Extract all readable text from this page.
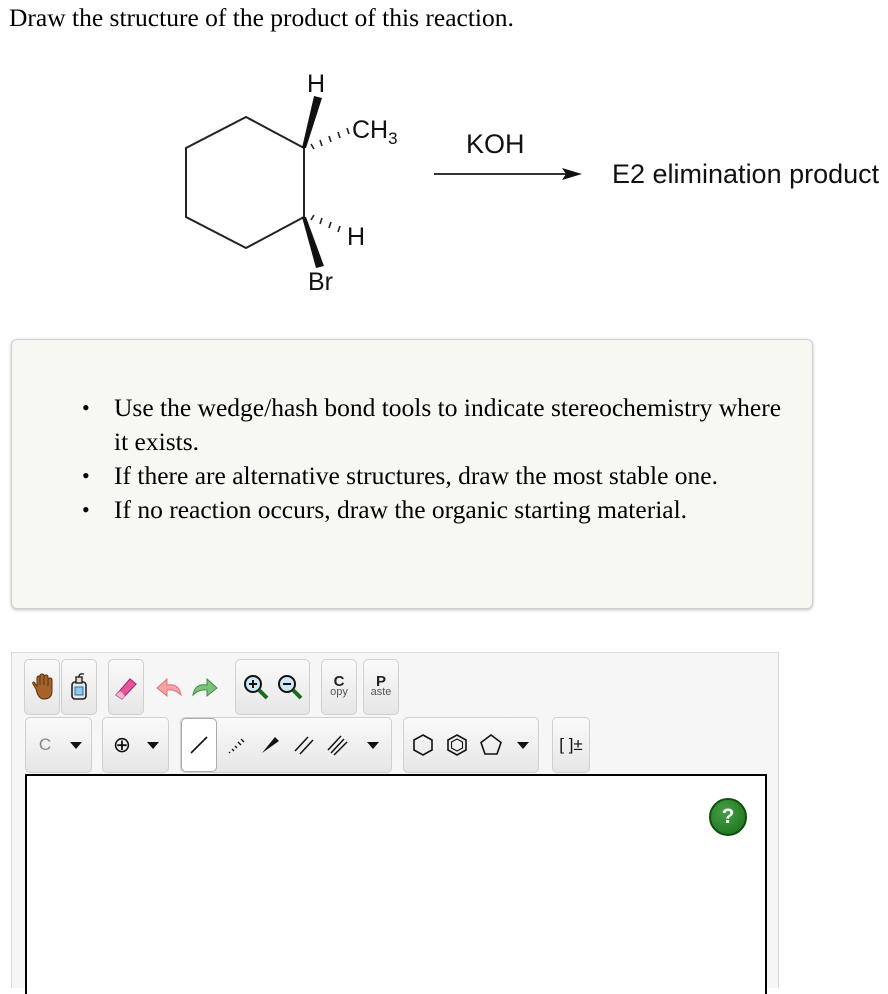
Draw the structure of the product of this reaction.
H
$CH_3$
H
Br
KOH
E2 elimination product
• Use the wedge/hash bond tools to indicate stereochemistry where it exists.
• If there are alternative structures, draw the most stable one.
• If no reaction occurs, draw the organic starting material.
C
opy
P
aste
C	⊕	[ ]±
?
